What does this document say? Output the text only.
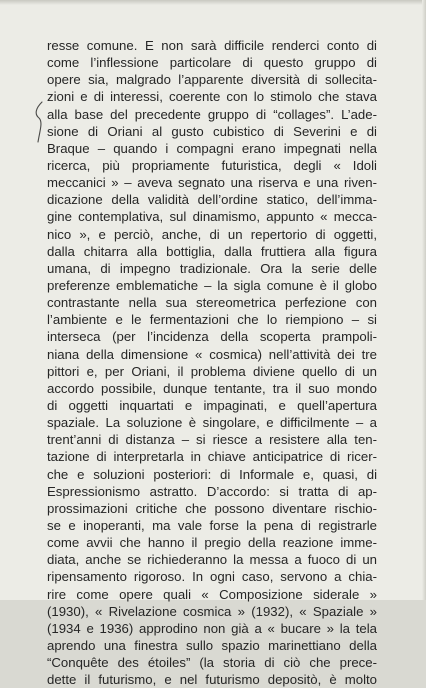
resse comune. E non sarà difficile renderci conto di
come l’inflessione particolare di questo gruppo di
opere sia, malgrado l’apparente diversità di sollecita-
zioni e di interessi, coerente con lo stimolo che stava
alla base del precedente gruppo di “collages”. L’ade-
sione di Oriani al gusto cubistico di Severini e di
Braque – quando i compagni erano impegnati nella
ricerca, più propriamente futuristica, degli « Idoli
meccanici » – aveva segnato una riserva e una riven-
dicazione della validità dell’ordine statico, dell’imma-
gine contemplativa, sul dinamismo, appunto « mecca-
nico », e perciò, anche, di un repertorio di oggetti,
dalla chitarra alla bottiglia, dalla fruttiera alla figura
umana, di impegno tradizionale. Ora la serie delle
preferenze emblematiche – la sigla comune è il globo
contrastante nella sua stereometrica perfezione con
l’ambiente e le fermentazioni che lo riempiono – si
interseca (per l’incidenza della scoperta prampoli-
niana della dimensione « cosmica) nell’attività dei tre
pittori e, per Oriani, il problema diviene quello di un
accordo possibile, dunque tentante, tra il suo mondo
di oggetti inquartati e impaginati, e quell’apertura
spaziale. La soluzione è singolare, e difficilmente – a
trent’anni di distanza – si riesce a resistere alla ten-
tazione di interpretarla in chiave anticipatrice di ricer-
che e soluzioni posteriori: di Informale e, quasi, di
Espressionismo astratto. D’accordo: si tratta di ap-
prossimazioni critiche che possono diventare rischio-
se e inoperanti, ma vale forse la pena di registrarle
come avvii che hanno il pregio della reazione imme-
diata, anche se richiederanno la messa a fuoco di un
ripensamento rigoroso. In ogni caso, servono a chia-
rire come opere quali « Composizione siderale »
(1930), « Rivelazione cosmica » (1932), « Spaziale »
(1934 e 1936) approdino non già a « bucare » la tela
aprendo una finestra sullo spazio marinettiano della
“Conquête des étoiles” (la storia di ciò che prece-
dette il futurismo, e nel futurismo depositò, è molto
